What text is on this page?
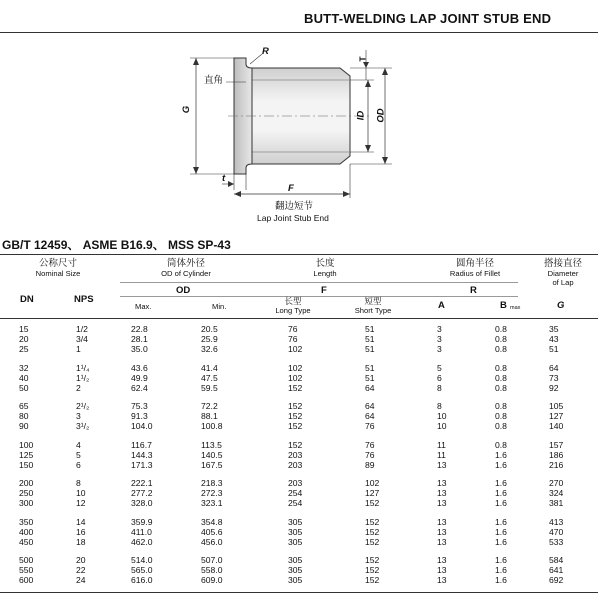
BUTT-WELDING LAP JOINT STUB END
R
T
G
ID OD
t
F
直角
翻边短节
Lap Joint Stub End
GB/T 12459、 ASME B16.9、 MSS SP-43
公称尺寸
Nominal Size
筒体外径
OD of Cylinder
长度
Length
圆角半径
Radius of Fillet
搭接直径
Diameter
of Lap
DN	NPS
OD	F	R
G
Max.	Min.
长型
Long Type
短型
Short Type	A	B max
15	1/2	22.8	20.5	76	51	3	0.8	35
20	3/4	28.1	25.9	76	51	3	0.8	43
25	1	35.0	32.6	102	51	3	0.8	51
32	1¹/₄	43.6	41.4	102	51	5	0.8	64
40	1¹/₂	49.9	47.5	102	51	6	0.8	73
50	2	62.4	59.5	152	64	8	0.8	92
65	2¹/₂	75.3	72.2	152	64	8	0.8	105
80	3	91.3	88.1	152	64	10	0.8	127
90	3¹/₂	104.0	100.8	152	76	10	0.8	140
100	4	116.7	113.5	152	76	11	0.8	157
125	5	144.3	140.5	203	76	11	1.6	186
150	6	171.3	167.5	203	89	13	1.6	216
200	8	222.1	218.3	203	102	13	1.6	270
250	10	277.2	272.3	254	127	13	1.6	324
300	12	328.0	323.1	254	152	13	1.6	381
350	14	359.9	354.8	305	152	13	1.6	413
400	16	411.0	405.6	305	152	13	1.6	470
450	18	462.0	456.0	305	152	13	1.6	533
500	20	514.0	507.0	305	152	13	1.6	584
550	22	565.0	558.0	305	152	13	1.6	641
600	24	616.0	609.0	305	152	13	1.6	692
